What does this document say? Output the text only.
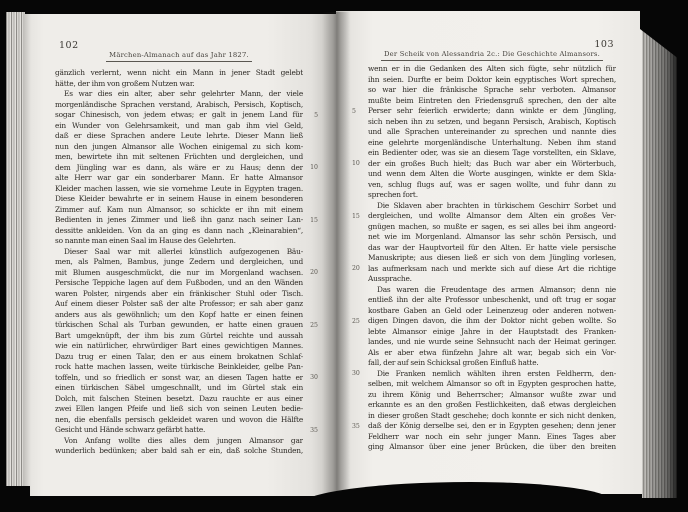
102
Märchen-Almanach auf das Jahr 1827.
gänzlich verlernt, wenn nicht ein Mann in jener Stadt gelebt
hätte, der ihm von großem Nutzen war.
Es war dies ein alter, aber sehr gelehrter Mann, der viele
morgenländische Sprachen verstand, Arabisch, Persisch, Koptisch,
sogar Chinesisch, von jedem etwas; er galt in jenem Land für 5
ein Wunder von Gelehrsamkeit, und man gab ihm viel Geld,
daß er diese Sprachen andere Leute lehrte. Dieser Mann ließ
nun den jungen Almansor alle Wochen einigemal zu sich kom-
men, bewirtete ihn mit seltenen Früchten und dergleichen, und
dem Jüngling war es dann, als wäre er zu Haus; denn der 10
alte Herr war gar ein sonderbarer Mann. Er hatte Almansor
Kleider machen lassen, wie sie vornehme Leute in Egypten tragen.
Diese Kleider bewahrte er in seinem Hause in einem besonderen
Zimmer auf. Kam nun Almansor, so schickte er ihn mit einem
Bedienten in jenes Zimmer und ließ ihn ganz nach seiner Lan- 15
dessitte ankleiden. Von da an ging es dann nach „Kleinarabien“,
so nannte man einen Saal im Hause des Gelehrten.
Dieser Saal war mit allerlei künstlich aufgezogenen Bäu-
men, als Palmen, Bambus, junge Zedern und dergleichen, und
mit Blumen ausgeschmückt, die nur im Morgenland wachsen. 20
Persische Teppiche lagen auf dem Fußboden, und an den Wänden
waren Polster, nirgends aber ein fränkischer Stuhl oder Tisch.
Auf einem dieser Polster saß der alte Professor; er sah aber ganz
anders aus als gewöhnlich; um den Kopf hatte er einen feinen
türkischen Schal als Turban gewunden, er hatte einen grauen 25
Bart umgeknüpft, der ihm bis zum Gürtel reichte und aussah
wie ein natürlicher, ehrwürdiger Bart eines gewichtigen Mannes.
Dazu trug er einen Talar, den er aus einem brokatnen Schlaf-
rock hatte machen lassen, weite türkische Beinkleider, gelbe Pan-
toffeln, und so friedlich er sonst war, an diesen Tagen hatte er 30
einen türkischen Säbel umgeschnallt, und im Gürtel stak ein
Dolch, mit falschen Steinen besetzt. Dazu rauchte er aus einer
zwei Ellen langen Pfeife und ließ sich von seinen Leuten bedie-
nen, die ebenfalls persisch gekleidet waren und wovon die Hälfte
Gesicht und Hände schwarz gefärbt hatte.	35
Von Anfang wollte dies alles dem jungen Almansor gar
wunderlich bedünken; aber bald sah er ein, daß solche Stunden,
103
Der Scheik von Alessandria 2c.: Die Geschichte Almansors.
wenn er in die Gedanken des Alten sich fügte, sehr nützlich für
ihn seien. Durfte er beim Doktor kein egyptisches Wort sprechen,
so war hier die fränkische Sprache sehr verboten. Almansor
mußte beim Eintreten den Friedensgruß sprechen, den der alte
Perser sehr feierlich erwiderte; dann winkte er dem Jüngling,
5
sich neben ihn zu setzen, und begann Persisch, Arabisch, Koptisch
und alle Sprachen untereinander zu sprechen und nannte dies
eine gelehrte morgenländische Unterhaltung. Neben ihm stand
ein Bedienter oder, was sie an diesem Tage vorstellten, ein Sklave,
der ein großes Buch hielt; das Buch war aber ein Wörterbuch,
10
und wenn dem Alten die Worte ausgingen, winkte er dem Skla-
ven, schlug flugs auf, was er sagen wollte, und fuhr dann zu
sprechen fort.
Die Sklaven aber brachten in türkischem Geschirr Sorbet und
dergleichen, und wollte Almansor dem Alten ein großes Ver-
15
gnügen machen, so mußte er sagen, es sei alles bei ihm angeord-
net wie im Morgenland. Almansor las sehr schön Persisch, und
das war der Hauptvorteil für den Alten. Er hatte viele persische
Manuskripte; aus diesen ließ er sich von dem Jüngling vorlesen,
las aufmerksam nach und merkte sich auf diese Art die richtige
20
Aussprache.
Das waren die Freudentage des armen Almansor; denn nie
entließ ihn der alte Professor unbeschenkt, und oft trug er sogar
kostbare Gaben an Geld oder Leinenzeug oder anderen notwen-
digen Dingen davon, die ihm der Doktor nicht geben wollte. So
25
lebte Almansor einige Jahre in der Hauptstadt des Franken-
landes, und nie wurde seine Sehnsucht nach der Heimat geringer.
Als er aber etwa fünfzehn Jahre alt war, begab sich ein Vor-
fall, der auf sein Schicksal großen Einfluß hatte.
Die Franken nemlich wählten ihren ersten Feldherrn, den-
30
selben, mit welchem Almansor so oft in Egypten gesprochen hatte,
zu ihrem König und Beherrscher; Almansor wußte zwar und
erkannte es an den großen Festlichkeiten, daß etwas dergleichen
in dieser großen Stadt geschehe; doch konnte er sich nicht denken,
daß der König derselbe sei, den er in Egypten gesehen; denn jener
35
Feldherr war noch ein sehr junger Mann. Eines Tages aber
ging Almansor über eine jener Brücken, die über den breiten
